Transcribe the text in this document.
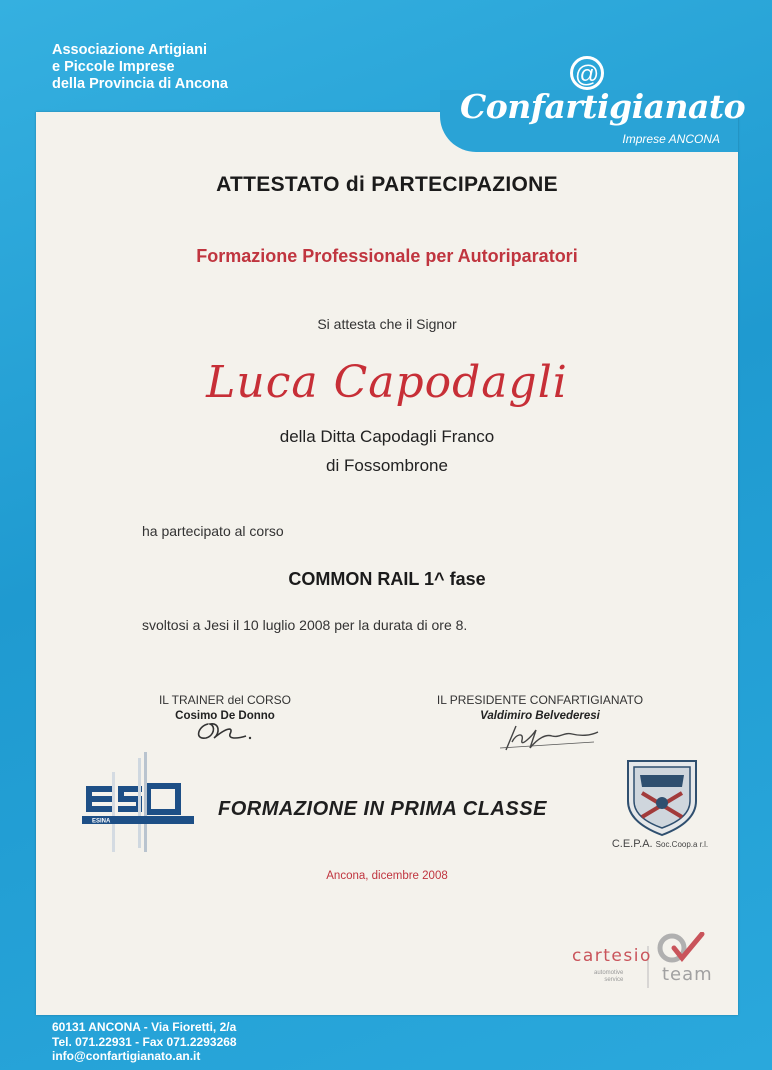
Associazione Artigiani
e Piccole Imprese
della Provincia di Ancona	@
Confartigianato
Imprese ANCONA
ATTESTATO di PARTECIPAZIONE
Formazione Professionale per Autoriparatori
Si attesta che il Signor
Luca Capodagli
della Ditta Capodagli Franco
di Fossombrone
ha partecipato al corso
COMMON RAIL 1^ fase
svoltosi a Jesi il 10 luglio 2008 per la durata di ore 8.
IL TRAINER del CORSO
Cosimo De Donno
IL PRESIDENTE CONFARTIGIANATO
Valdimiro Belvederesi
ESINA
FORMAZIONE IN PRIMA CLASSE
C.E.P.A. Soc.Coop.a r.l.
Ancona, dicembre 2008
cartesio
automotive
service team
60131 ANCONA - Via Fioretti, 2/a
Tel. 071.22931 - Fax 071.2293268
info@confartigianato.an.it
